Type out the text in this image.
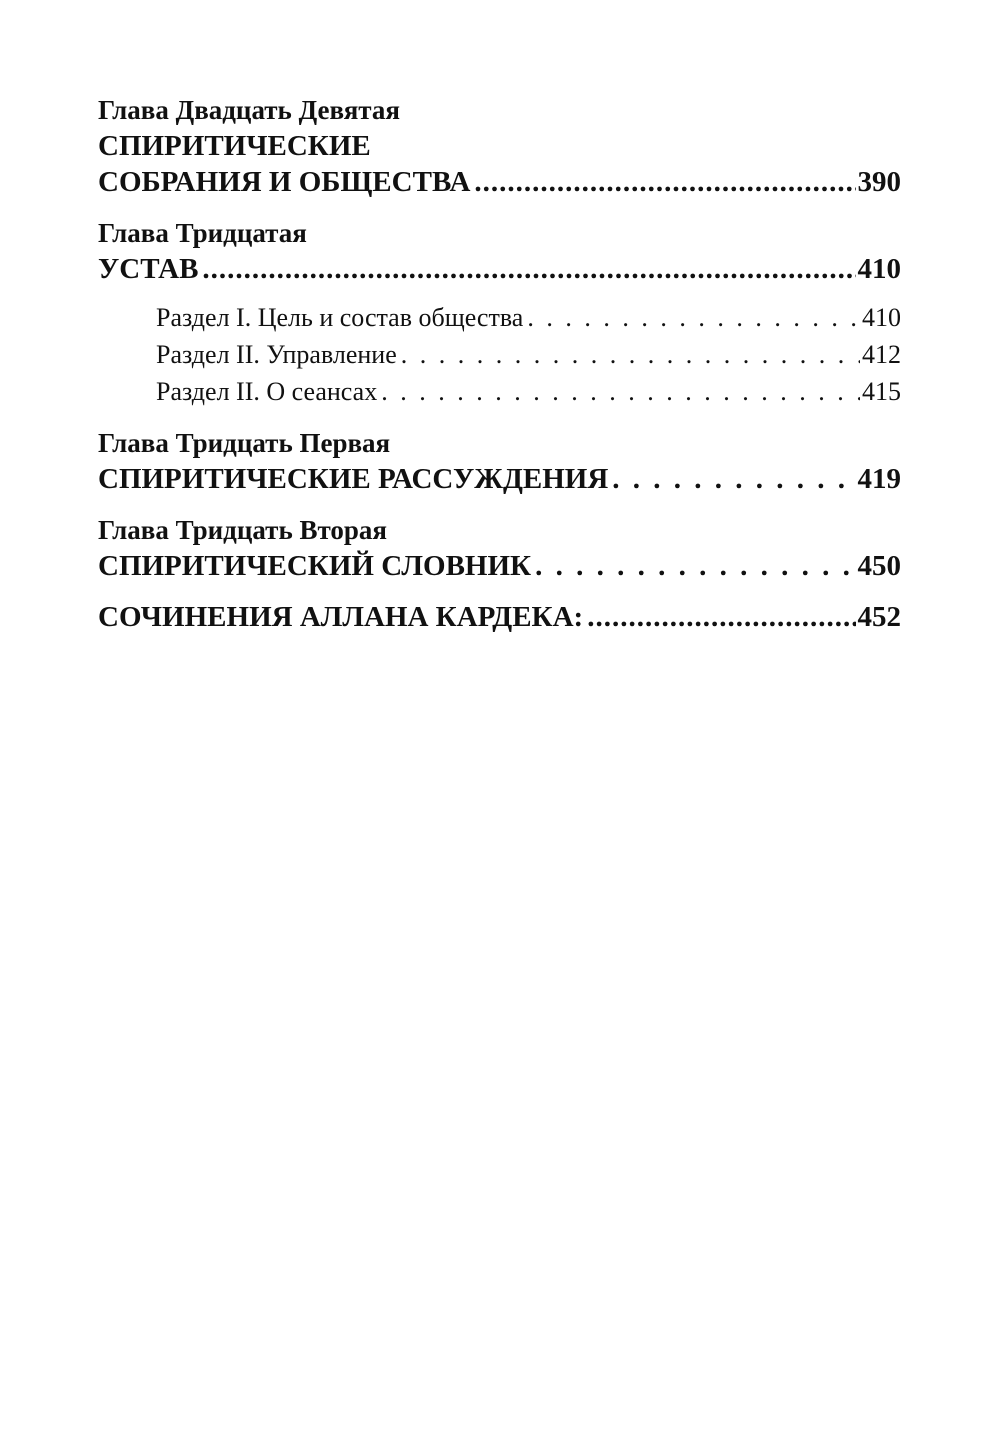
Глава Двадцать Девятая
СПИРИТИЧЕСКИЕ
СОБРАНИЯ И ОБЩЕСТВА .....	390
Глава Тридцатая
УСТАВ .....	410
Раздел I. Цель и состав общества . . .	410
Раздел II. Управление . . .	412
Раздел II. О сеансах . . .	415
Глава Тридцать Первая
СПИРИТИЧЕСКИЕ РАССУЖДЕНИЯ . . .	419
Глава Тридцать Вторая
СПИРИТИЧЕСКИЙ СЛОВНИК . . .	450
СОЧИНЕНИЯ АЛЛАНА КАРДЕКА: .....	452
